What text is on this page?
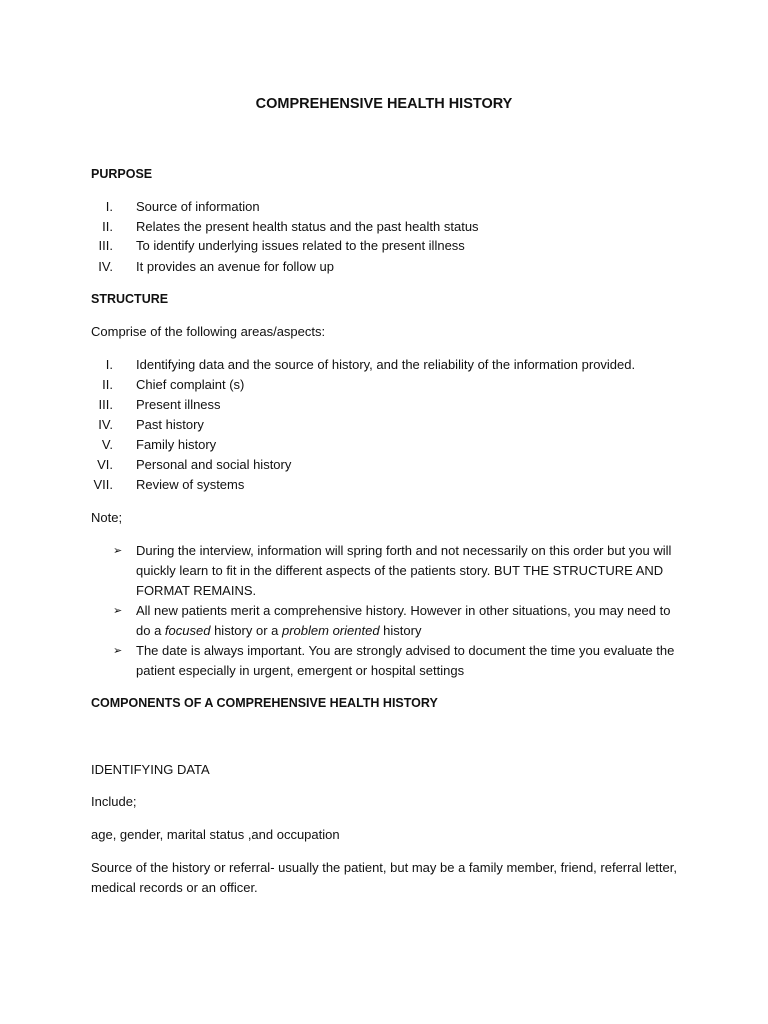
COMPREHENSIVE HEALTH HISTORY
PURPOSE
I. Source of information
II. Relates the present health status and the past health status
III. To identify underlying issues related to the present illness
IV. It provides an avenue for follow up
STRUCTURE
Comprise of the following areas/aspects:
I. Identifying data and the source of history, and the reliability of the information provided.
II. Chief complaint (s)
III. Present illness
IV. Past history
V. Family history
VI. Personal and social history
VII. Review of systems
Note;
➢ During the interview, information will spring forth and not necessarily on this order but you will
quickly learn to fit in the different aspects of the patients story. BUT THE STRUCTURE AND
FORMAT REMAINS.
➢ All new patients merit a comprehensive history. However in other situations, you may need to
do a focused history or a problem oriented history
➢ The date is always important. You are strongly advised to document the time you evaluate the
patient especially in urgent, emergent or hospital settings
COMPONENTS OF A COMPREHENSIVE HEALTH HISTORY
IDENTIFYING DATA
Include;
age, gender, marital status ,and occupation
Source of the history or referral- usually the patient, but may be a family member, friend, referral letter,
medical records or an officer.
